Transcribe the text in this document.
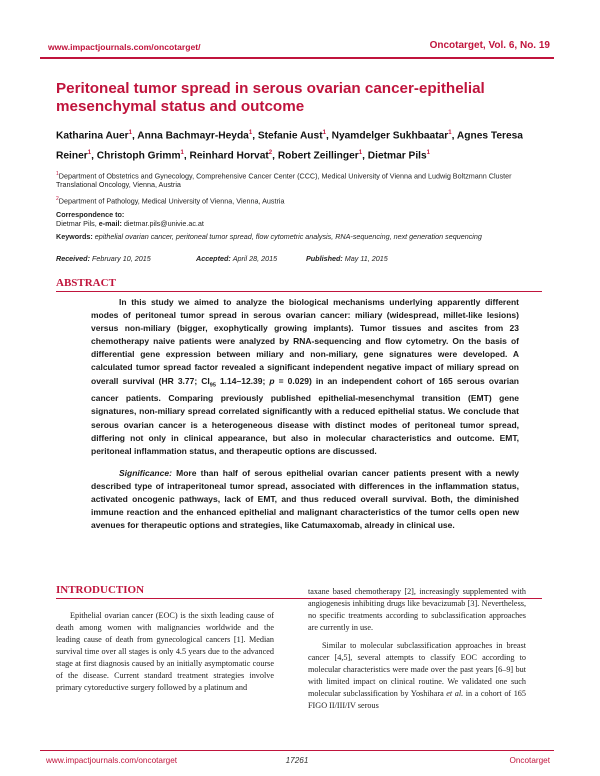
www.impactjournals.com/oncotarget/	Oncotarget, Vol. 6, No. 19
Peritoneal tumor spread in serous ovarian cancer-epithelial mesenchymal status and outcome
Katharina Auer$^1$, Anna Bachmayr-Heyda$^1$, Stefanie Aust$^1$, Nyamdelger Sukhbaatar$^1$, Agnes Teresa Reiner$^1$, Christoph Grimm$^1$, Reinhard Horvat$^2$, Robert Zeillinger$^1$, Dietmar Pils$^1$
$^1$Department of Obstetrics and Gynecology, Comprehensive Cancer Center (CCC), Medical University of Vienna and Ludwig Boltzmann Cluster Translational Oncology, Vienna, Austria
$^2$Department of Pathology, Medical University of Vienna, Vienna, Austria
Correspondence to:
Dietmar Pils, e-mail: dietmar.pils@univie.ac.at
Keywords: epithelial ovarian cancer, peritoneal tumor spread, flow cytometric analysis, RNA-sequencing, next generation sequencing
Received: February 10, 2015	Accepted: April 28, 2015	Published: May 11, 2015
ABSTRACT

In this study we aimed to analyze the biological mechanisms underlying apparently different modes of peritoneal tumor spread in serous ovarian cancer: miliary (widespread, millet-like lesions) versus non-miliary (bigger, exophytically growing implants). Tumor tissues and ascites from 23 chemotherapy naive patients were analyzed by RNA-sequencing and flow cytometry. On the basis of differential gene expression between miliary and non-miliary, gene signatures were developed. A calculated tumor spread factor revealed a significant independent negative impact of miliary spread on overall survival (HR 3.77; $CI_{95}$ 1.14–12.39; p = 0.029) in an independent cohort of 165 serous ovarian cancer patients. Comparing previously published epithelial-mesenchymal transition (EMT) gene signatures, non-miliary spread correlated significantly with a reduced epithelial status. We conclude that serous ovarian cancer is a heterogeneous disease with distinct modes of peritoneal tumor spread, differing not only in clinical appearance, but also in molecular characteristics and outcome. EMT, peritoneal inflammation status, and therapeutic options are discussed.

Significance: More than half of serous epithelial ovarian cancer patients present with a newly described type of intraperitoneal tumor spread, associated with differences in the inflammation status, activated oncogenic pathways, lack of EMT, and thus reduced overall survival. Both, the diminished immune reaction and the enhanced epithelial and malignant characteristics of the tumor cells open new avenues for therapeutic options and strategies, like Catumaxomab, already in clinical use.

INTRODUCTION

Epithelial ovarian cancer (EOC) is the sixth leading cause of death among women with malignancies worldwide and the leading cause of death from gynecological cancers [1]. Median survival time over all stages is only 4.5 years due to the advanced stage at first diagnosis caused by an initially asymptomatic course of the disease. Current standard treatment strategies involve primary cytoreductive surgery followed by a platinum and

taxane based chemotherapy [2], increasingly supplemented with angiogenesis inhibiting drugs like bevacizumab [3]. Nevertheless, no specific treatments according to subclassification approaches are currently in use.

Similar to molecular subclassification approaches in breast cancer [4,5], several attempts to classify EOC according to molecular characteristics were made over the past years [6–9] but with limited impact on clinical routine. We validated one such molecular subclassification by Yoshihara et al. in a cohort of 165 FIGO II/III/IV serous

www.impactjournals.com/oncotarget	17261	Oncotarget
